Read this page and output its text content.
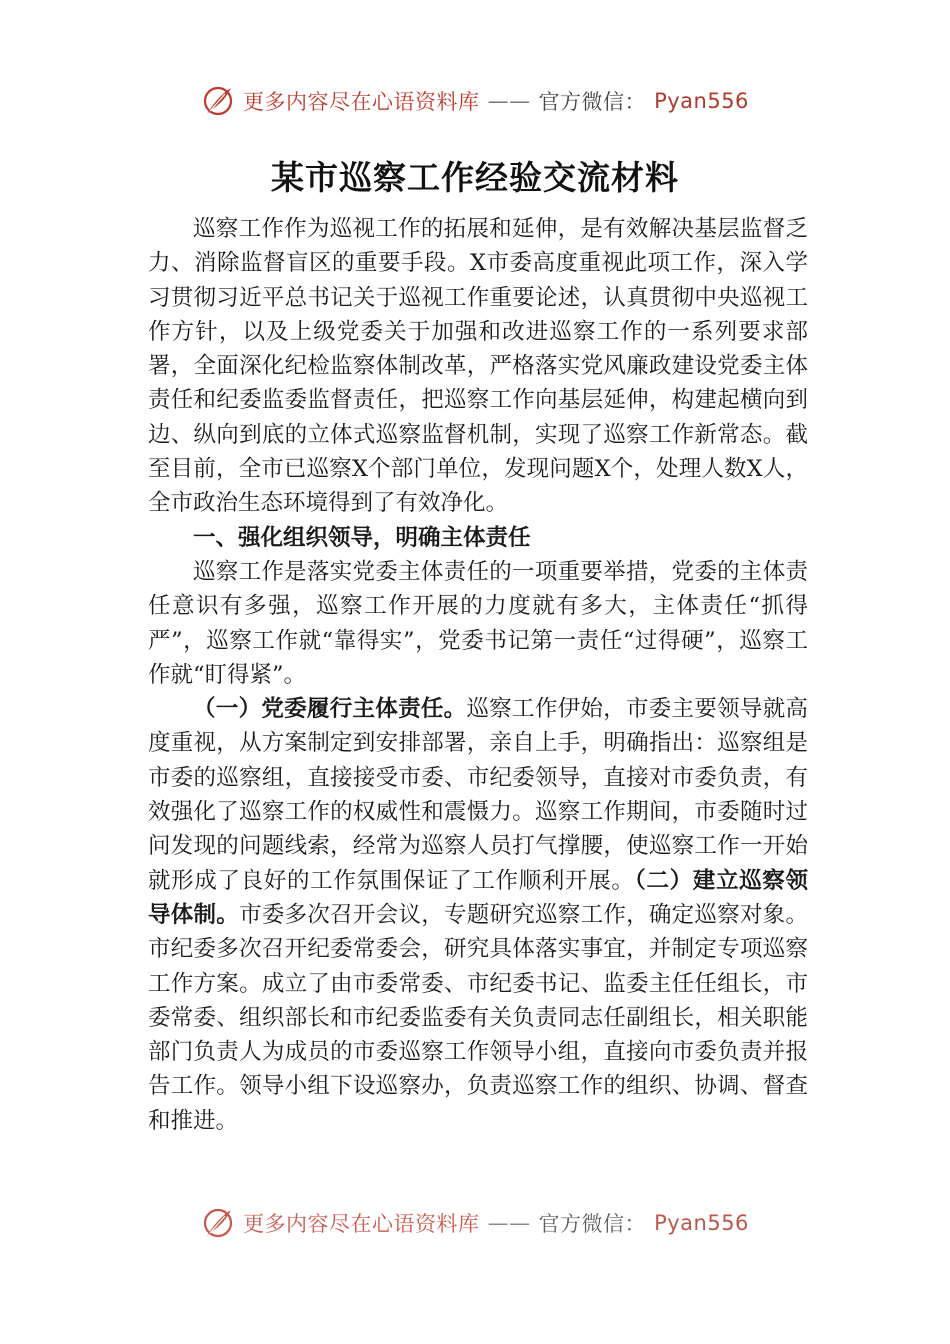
更多内容尽在心语资料库 —— 官方微信： Pyan556
某市巡察工作经验交流材料

巡察工作作为巡视工作的拓展和延伸，是有效解决基层监督乏力、消除监督盲区的重要手段。X市委高度重视此项工作，深入学习贯彻习近平总书记关于巡视工作重要论述，认真贯彻中央巡视工作方针，以及上级党委关于加强和改进巡察工作的一系列要求部署，全面深化纪检监察体制改革，严格落实党风廉政建设党委主体责任和纪委监委监督责任，把巡察工作向基层延伸，构建起横向到边、纵向到底的立体式巡察监督机制，实现了巡察工作新常态。截至目前，全市已巡察X个部门单位，发现问题X个，处理人数X人，全市政治生态环境得到了有效净化。

一、强化组织领导，明确主体责任

巡察工作是落实党委主体责任的一项重要举措，党委的主体责任意识有多强，巡察工作开展的力度就有多大，主体责任“抓得严”，巡察工作就“靠得实”，党委书记第一责任“过得硬”，巡察工作就“盯得紧”。

（一）党委履行主体责任。巡察工作伊始，市委主要领导就高度重视，从方案制定到安排部署，亲自上手，明确指出：巡察组是市委的巡察组，直接接受市委、市纪委领导，直接对市委负责，有效强化了巡察工作的权威性和震慑力。巡察工作期间，市委随时过问发现的问题线索，经常为巡察人员打气撑腰，使巡察工作一开始就形成了良好的工作氛围保证了工作顺利开展。（二）建立巡察领导体制。市委多次召开会议，专题研究巡察工作，确定巡察对象。市纪委多次召开纪委常委会，研究具体落实事宜，并制定专项巡察工作方案。成立了由市委常委、市纪委书记、监委主任任组长，市委常委、组织部长和市纪委监委有关负责同志任副组长，相关职能部门负责人为成员的市委巡察工作领导小组，直接向市委负责并报告工作。领导小组下设巡察办，负责巡察工作的组织、协调、督查和推进。

更多内容尽在心语资料库 —— 官方微信： Pyan556
